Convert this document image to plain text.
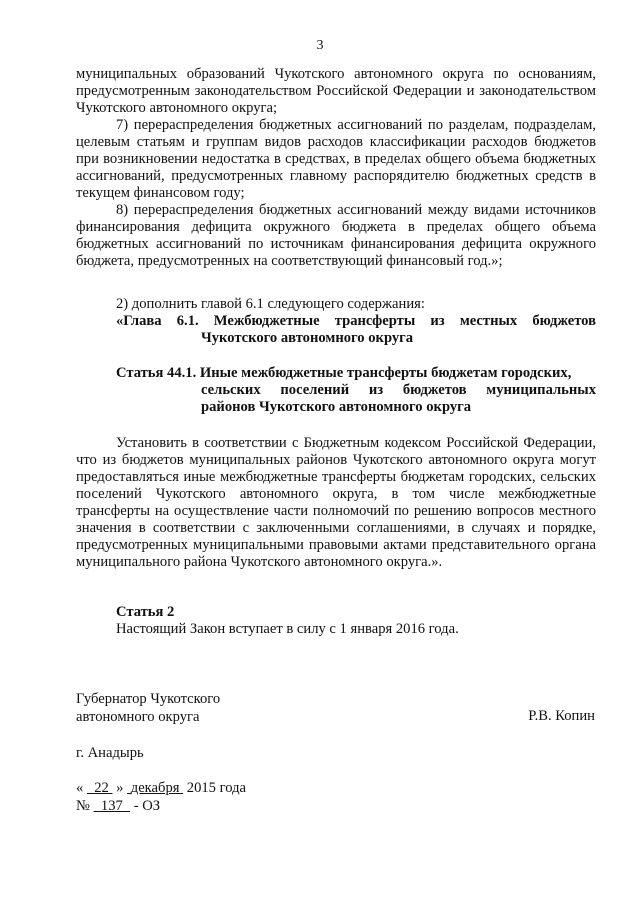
3

муниципальных образований Чукотского автономного округа по основаниям, предусмотренным законодательством Российской Федерации и законодательством Чукотского автономного округа;

7) перераспределения бюджетных ассигнований по разделам, подразделам, целевым статьям и группам видов расходов классификации расходов бюджетов при возникновении недостатка в средствах, в пределах общего объема бюджетных ассигнований, предусмотренных главному распорядителю бюджетных средств в текущем финансовом году;

8) перераспределения бюджетных ассигнований между видами источников финансирования дефицита окружного бюджета в пределах общего объема бюджетных ассигнований по источникам финансирования дефицита окружного бюджета, предусмотренных на соответствующий финансовый год.»;

2) дополнить главой 6.1 следующего содержания:

«Глава 6.1. Межбюджетные трансферты из местных бюджетов
Чукотского автономного округа
Статья 44.1. Иные межбюджетные трансферты бюджетам городских,
сельских поселений из бюджетов муниципальных
районов Чукотского автономного округа

Установить в соответствии с Бюджетным кодексом Российской Федерации, что из бюджетов муниципальных районов Чукотского автономного округа могут предоставляться иные межбюджетные трансферты бюджетам городских, сельских поселений Чукотского автономного округа, в том числе межбюджетные трансферты на осуществление части полномочий по решению вопросов местного значения в соответствии с заключенными соглашениями, в случаях и порядке, предусмотренных муниципальными правовыми актами представительного органа муниципального района Чукотского автономного округа.».

Статья 2

Настоящий Закон вступает в силу с 1 января 2016 года.

Губернатор Чукотского
автономного округа	Р.В. Копин
г. Анадырь
« 22 » декабря 2015 года
№ 137 - ОЗ
